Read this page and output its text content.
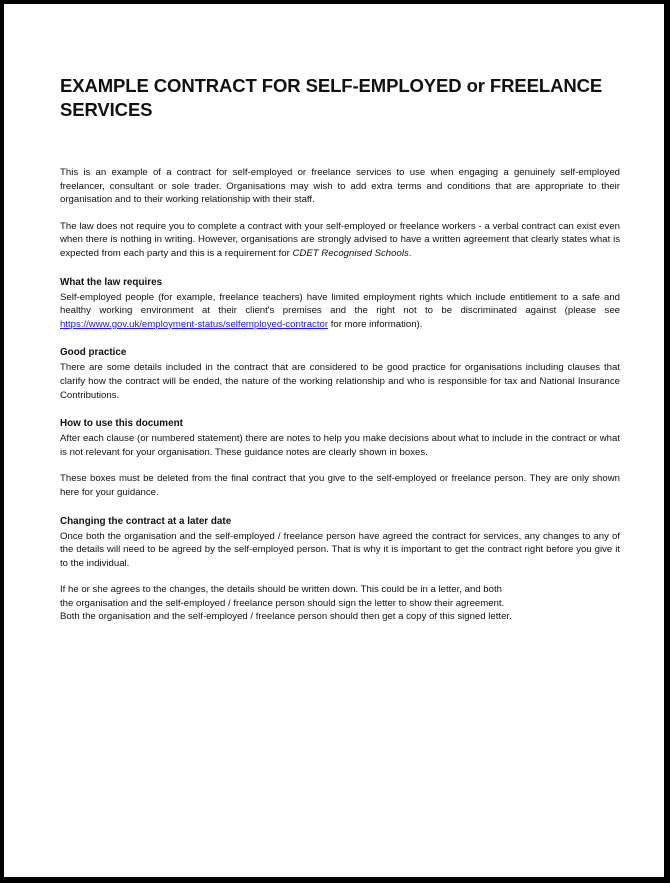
EXAMPLE CONTRACT FOR SELF-EMPLOYED or FREELANCE SERVICES

This is an example of a contract for self-employed or freelance services to use when engaging a genuinely self-employed freelancer, consultant or sole trader. Organisations may wish to add extra terms and conditions that are appropriate to their organisation and to their working relationship with their staff.

The law does not require you to complete a contract with your self-employed or freelance workers - a verbal contract can exist even when there is nothing in writing. However, organisations are strongly advised to have a written agreement that clearly states what is expected from each party and this is a requirement for CDET Recognised Schools.

What the law requires

Self-employed people (for example, freelance teachers) have limited employment rights which include entitlement to a safe and healthy working environment at their client's premises and the right not to be discriminated against (please see https://www.gov.uk/employment-status/selfemployed-contractor for more information).

Good practice

There are some details included in the contract that are considered to be good practice for organisations including clauses that clarify how the contract will be ended, the nature of the working relationship and who is responsible for tax and National Insurance Contributions.

How to use this document

After each clause (or numbered statement) there are notes to help you make decisions about what to include in the contract or what is not relevant for your organisation. These guidance notes are clearly shown in boxes.

These boxes must be deleted from the final contract that you give to the self-employed or freelance person. They are only shown here for your guidance.

Changing the contract at a later date

Once both the organisation and the self-employed / freelance person have agreed the contract for services, any changes to any of the details will need to be agreed by the self-employed person. That is why it is important to get the contract right before you give it to the individual.

If he or she agrees to the changes, the details should be written down. This could be in a letter, and both
the organisation and the self-employed / freelance person should sign the letter to show their agreement.
Both the organisation and the self-employed / freelance person should then get a copy of this signed letter.
